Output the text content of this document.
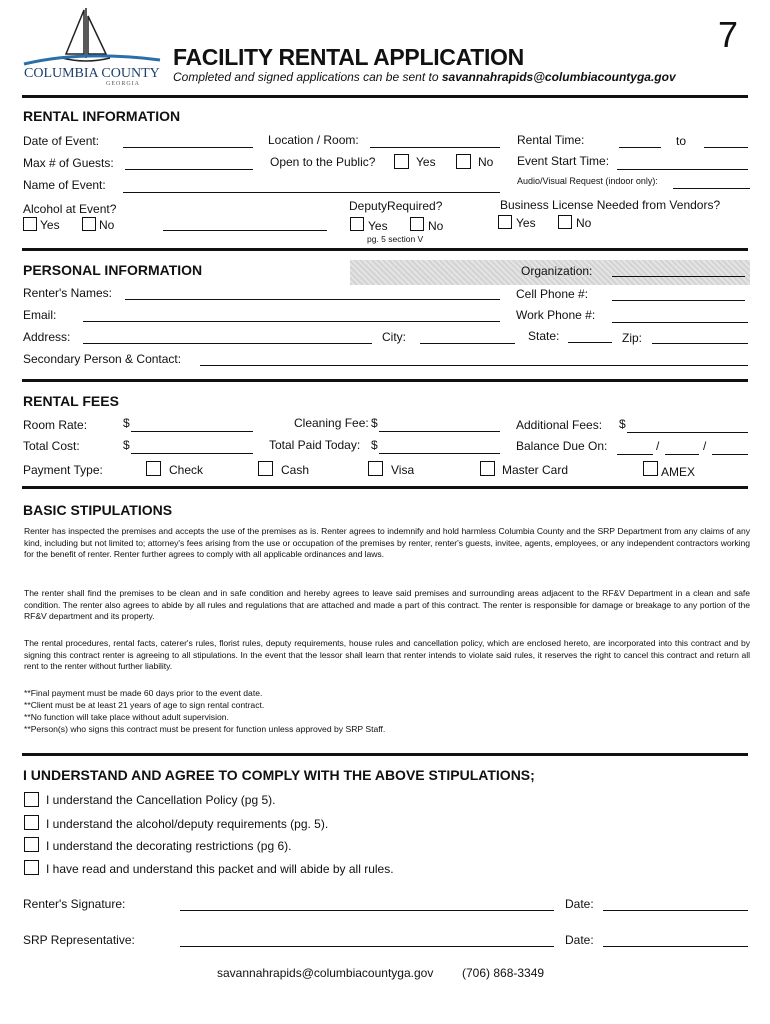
COLUMBIA COUNTY
GEORGIA
7
FACILITY RENTAL APPLICATION
Completed and signed applications can be sent to savannahrapids@columbiacountyga.gov
RENTAL INFORMATION
Date of Event:	Location / Room:	Rental Time:	to
Max # of Guests:	Open to the Public?	Yes	No Event Start Time:
Name of Event:	Audio/Visual Request (indoor only):
Alcohol at Event?
Yes	No
DeputyRequired?
Yes	No
pg. 5 section V
Business License Needed from Vendors?
Yes	No
PERSONAL INFORMATION	Organization:
Renter's Names:	Cell Phone #:
Email:	Work Phone #:
Address:	City:	State:	Zip:
Secondary Person & Contact:
RENTAL FEES
Room Rate:	$	Cleaning Fee: $	Additional Fees: $
Total Cost:	$	Total Paid Today: $	Balance Due On:	/	/
Payment Type:	Check	Cash	Visa	Master Card	AMEX
BASIC STIPULATIONS
Renter has inspected the premises and accepts the use of the premises as is. Renter agrees to indemnify and hold harmless Columbia County and the SRP Department from any claims of any kind, including but not limited to; attorney's fees arising from the use or occupation of the premises by renter, renter's guests, invitee, agents, employees, or any independent contractors working for the benefit of renter. Renter further agrees to comply with all applicable ordinances and laws.
The renter shall find the premises to be clean and in safe condition and hereby agrees to leave said premises and surrounding areas adjacent to the RF&V Department in a clean and safe condition. The renter also agrees to abide by all rules and regulations that are attached and made a part of this contract. The renter is responsible for damage or breakage to any portion of the RF&V department and its property.
The rental procedures, rental facts, caterer's rules, florist rules, deputy requirements, house rules and cancellation policy, which are enclosed hereto, are incorporated into this contract and by signing this contract renter is agreeing to all stipulations. In the event that the lessor shall learn that renter intends to violate said rules, it reserves the right to cancel this contract and return all rent to the renter without further liability.
**Final payment must be made 60 days prior to the event date.
**Client must be at least 21 years of age to sign rental contract.
**No function will take place without adult supervision.
**Person(s) who signs this contract must be present for function unless approved by SRP Staff.
I UNDERSTAND AND AGREE TO COMPLY WITH THE ABOVE STIPULATIONS;
I understand the Cancellation Policy (pg 5).
I understand the alcohol/deputy requirements (pg. 5).
I understand the decorating restrictions (pg 6).
I have read and understand this packet and will abide by all rules.
Renter's Signature:	Date:
SRP Representative:	Date:
savannahrapids@columbiacountyga.gov (706) 868-3349
